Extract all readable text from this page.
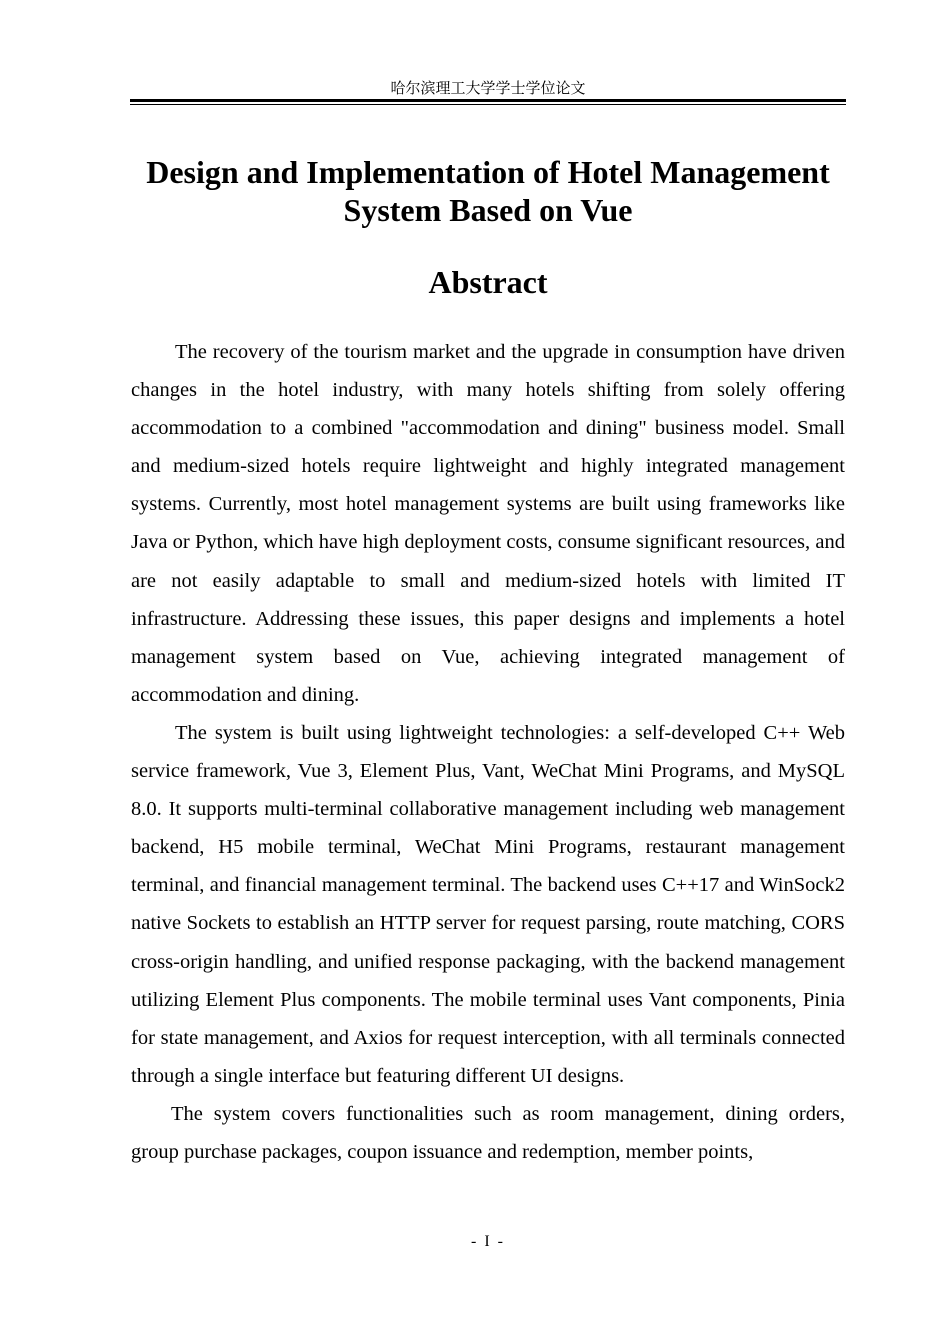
哈尔滨理工大学学士学位论文
Design and Implementation of Hotel Management System Based on Vue
Abstract

The recovery of the tourism market and the upgrade in consumption have driven changes in the hotel industry, with many hotels shifting from solely offering accommodation to a combined "accommodation and dining" business model. Small and medium-sized hotels require lightweight and highly integrated management systems. Currently, most hotel management systems are built using frameworks like Java or Python, which have high deployment costs, consume significant resources, and are not easily adaptable to small and medium-sized hotels with limited IT infrastructure. Addressing these issues, this paper designs and implements a hotel management system based on Vue, achieving integrated management of accommodation and dining.

The system is built using lightweight technologies: a self-developed C++ Web service framework, Vue 3, Element Plus, Vant, WeChat Mini Programs, and MySQL 8.0. It supports multi-terminal collaborative management including web management backend, H5 mobile terminal, WeChat Mini Programs, restaurant management terminal, and financial management terminal. The backend uses C++17 and WinSock2 native Sockets to establish an HTTP server for request parsing, route matching, CORS cross-origin handling, and unified response packaging, with the backend management utilizing Element Plus components. The mobile terminal uses Vant components, Pinia for state management, and Axios for request interception, with all terminals connected through a single interface but featuring different UI designs.

The system covers functionalities such as room management, dining orders, group purchase packages, coupon issuance and redemption, member points,

- I -
